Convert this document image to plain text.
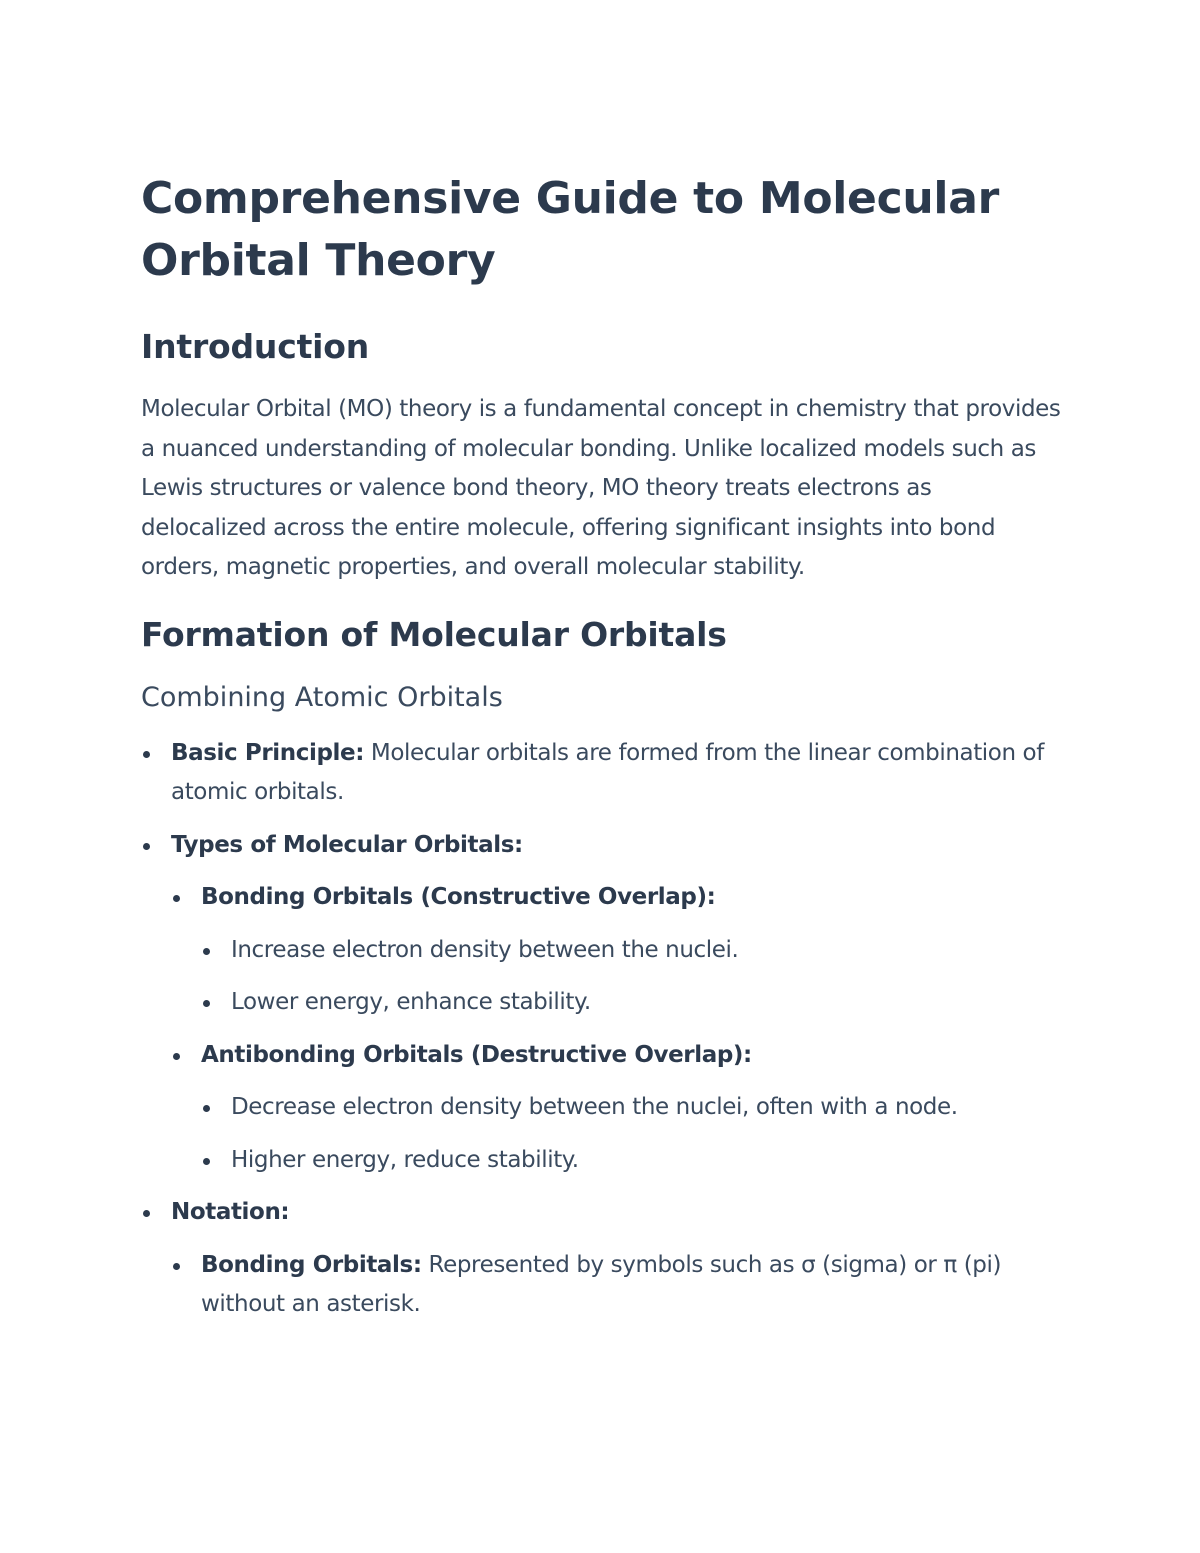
Comprehensive Guide to Molecular Orbital Theory
Introduction

Molecular Orbital (MO) theory is a fundamental concept in chemistry that provides a nuanced understanding of molecular bonding. Unlike localized models such as Lewis structures or valence bond theory, MO theory treats electrons as delocalized across the entire molecule, offering significant insights into bond orders, magnetic properties, and overall molecular stability.

Formation of Molecular Orbitals
Combining Atomic Orbitals
Basic Principle: Molecular orbitals are formed from the linear combination of atomic orbitals.
Types of Molecular Orbitals:
Bonding Orbitals (Constructive Overlap):
Increase electron density between the nuclei.
Lower energy, enhance stability.
Antibonding Orbitals (Destructive Overlap):
Decrease electron density between the nuclei, often with a node.
Higher energy, reduce stability.
Notation:
Bonding Orbitals: Represented by symbols such as σ (sigma) or π (pi) without an asterisk.
